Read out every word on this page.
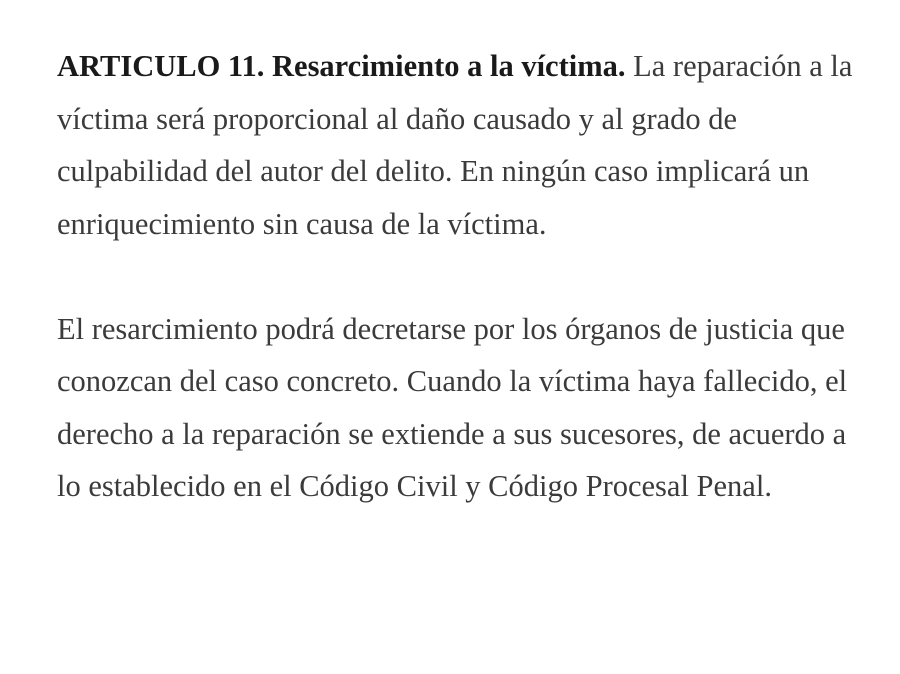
ARTICULO 11. Resarcimiento a la víctima. La reparación a la víctima será proporcional al daño causado y al grado de culpabilidad del autor del delito. En ningún caso implicará un enriquecimiento sin causa de la víctima.

El resarcimiento podrá decretarse por los órganos de justicia que conozcan del caso concreto. Cuando la víctima haya fallecido, el derecho a la reparación se extiende a sus sucesores, de acuerdo a lo establecido en el Código Civil y Código Procesal Penal.
